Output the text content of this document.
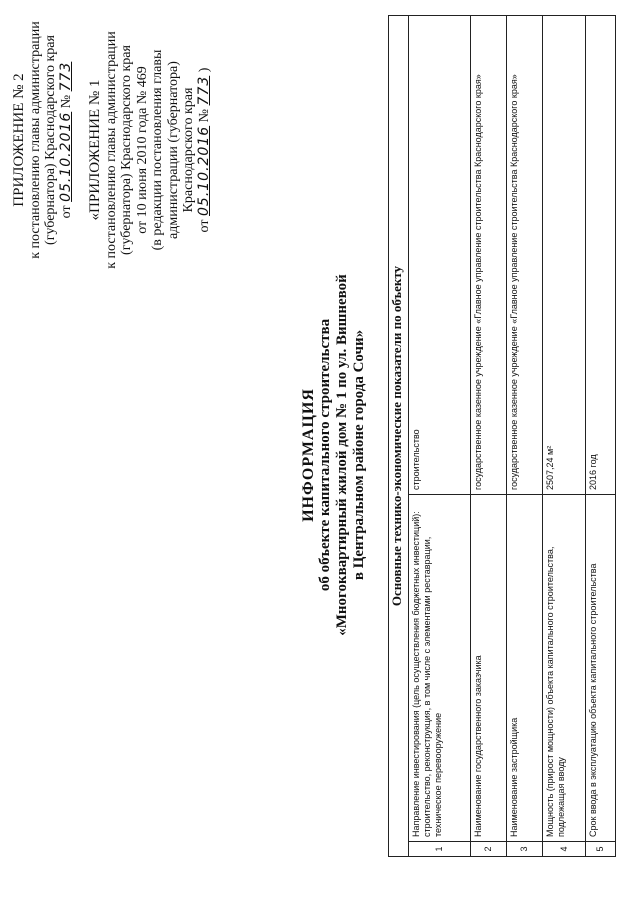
ПРИЛОЖЕНИЕ № 2 к постановлению главы администрации (губернатора) Краснодарского края от 05.10.2016 № 773
«ПРИЛОЖЕНИЕ № 1 к постановлению главы администрации (губернатора) Краснодарского края от 10 июня 2010 года № 469 (в редакции постановления главы администрации (губернатора) Краснодарского края
от 05.10.2016 № 773 )
ИНФОРМАЦИЯ об объекте капитального строительства «Многоквартирный жилой дом № 1 по ул. Вишневой в Центральном районе города Сочи» Основные технико-экономические показатели по объекту		
1	Направление инвестирования (цель осуществления бюджетных инвестиций): строительство, реконструкция, в том числе с элементами реставрации, техническое перевооружение	строительство
2	Наименование государственного заказчика	государственное казенное учреждение «Главное управление строительства Краснодарского края»
3	Наименование застройщика	государственное казенное учреждение «Главное управление строительства Краснодарского края»
4	Мощность (прирост мощности) объекта капитального строительства, подлежащая вводу	2507,24 м²
5	Срок ввода в эксплуатацию объекта капитального строительства	2016 год
